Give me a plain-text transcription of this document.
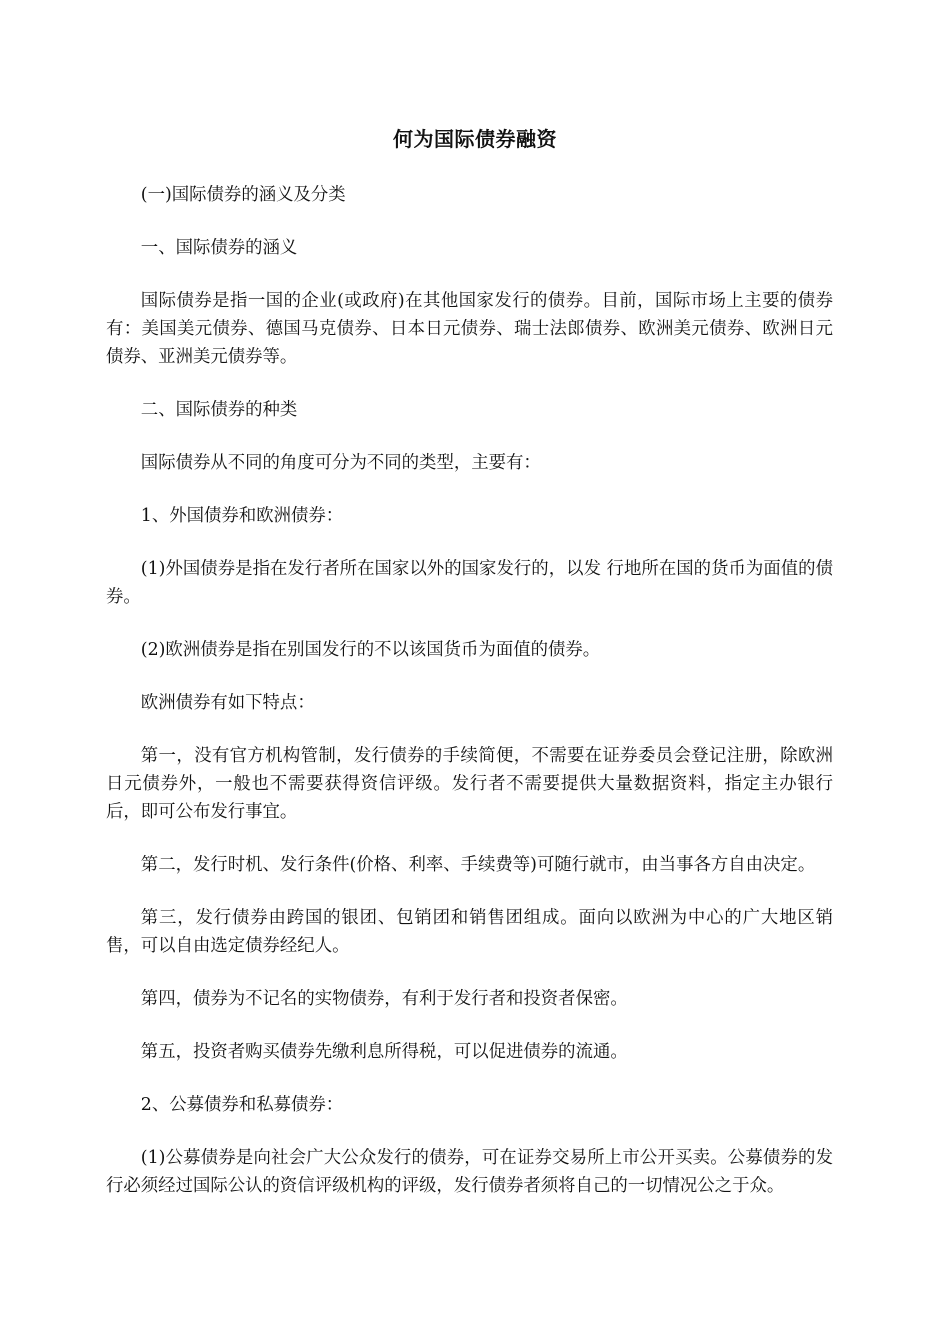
何为国际债券融资

(一)国际债券的涵义及分类

一、国际债券的涵义

国际债券是指一国的企业(或政府)在其他国家发行的债券。目前，国际市场上主要的债券有：美国美元债券、德国马克债券、日本日元债券、瑞士法郎债券、欧洲美元债券、欧洲日元债券、亚洲美元债券等。

二、国际债券的种类

国际债券从不同的角度可分为不同的类型，主要有：

1、外国债券和欧洲债券：

(1)外国债券是指在发行者所在国家以外的国家发行的，以发 行地所在国的货币为面值的债券。

(2)欧洲债券是指在别国发行的不以该国货币为面值的债券。

欧洲债券有如下特点：

第一，没有官方机构管制，发行债券的手续简便，不需要在证券委员会登记注册，除欧洲日元债券外，一般也不需要获得资信评级。发行者不需要提供大量数据资料，指定主办银行后，即可公布发行事宜。

第二，发行时机、发行条件(价格、利率、手续费等)可随行就市，由当事各方自由决定。

第三，发行债券由跨国的银团、包销团和销售团组成。面向以欧洲为中心的广大地区销售，可以自由选定债券经纪人。

第四，债券为不记名的实物债券，有利于发行者和投资者保密。

第五，投资者购买债券先缴利息所得税，可以促进债券的流通。

2、公募债券和私募债券：

(1)公募债券是向社会广大公众发行的债券，可在证券交易所上市公开买卖。公募债券的发行必须经过国际公认的资信评级机构的评级，发行债券者须将自己的一切情况公之于众。
